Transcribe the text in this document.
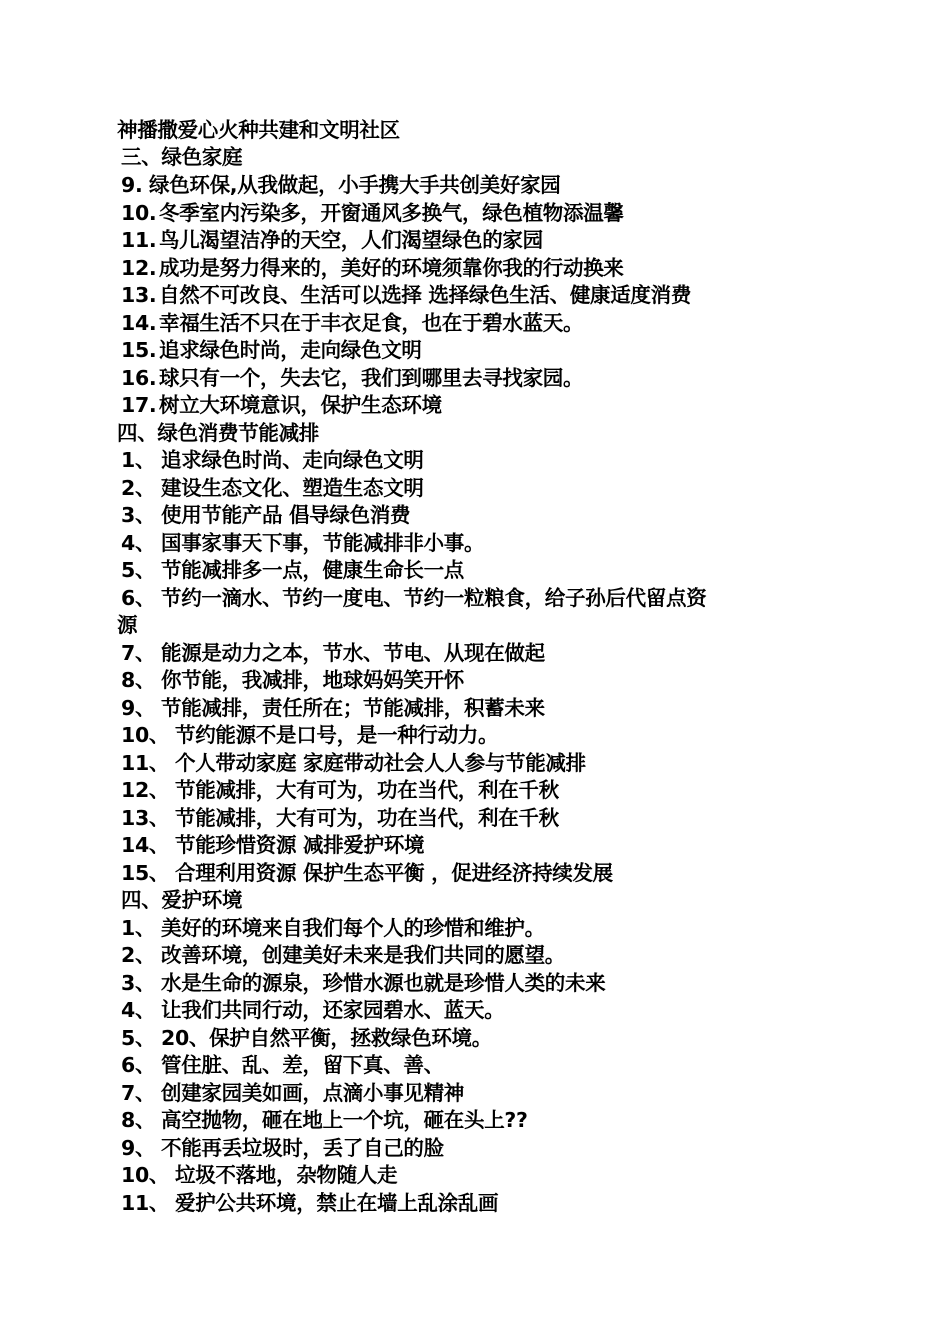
神播撒爱心火种共建和文明社区
三、绿色家庭
9. 绿色环保,从我做起，小手携大手共创美好家园
10. 冬季室内污染多，开窗通风多换气，绿色植物添温馨
11. 鸟儿渴望洁净的天空，人们渴望绿色的家园
12. 成功是努力得来的，美好的环境须靠你我的行动换来
13. 自然不可改良、生活可以选择 选择绿色生活、健康适度消费
14. 幸福生活不只在于丰衣足食，也在于碧水蓝天。
15. 追求绿色时尚，走向绿色文明
16. 球只有一个，失去它，我们到哪里去寻找家园。
17. 树立大环境意识，保护生态环境
四、绿色消费节能减排
1、 追求绿色时尚、走向绿色文明
2、 建设生态文化、塑造生态文明
3、 使用节能产品 倡导绿色消费
4、 国事家事天下事，节能减排非小事。
5、 节能减排多一点，健康生命长一点
6、 节约一滴水、节约一度电、节约一粒粮食，给子孙后代留点资
源
7、 能源是动力之本，节水、节电、从现在做起
8、 你节能，我减排，地球妈妈笑开怀
9、 节能减排，责任所在；节能减排，积蓄未来
10、 节约能源不是口号，是一种行动力。
11、 个人带动家庭 家庭带动社会人人参与节能减排
12、 节能减排，大有可为，功在当代，利在千秋
13、 节能减排，大有可为，功在当代，利在千秋
14、 节能珍惜资源 减排爱护环境
15、 合理利用资源 保护生态平衡 ，促进经济持续发展
四、爱护环境
1、 美好的环境来自我们每个人的珍惜和维护。
2、 改善环境，创建美好未来是我们共同的愿望。
3、 水是生命的源泉，珍惜水源也就是珍惜人类的未来
4、 让我们共同行动，还家园碧水、蓝天。
5、 20、保护自然平衡，拯救绿色环境。
6、 管住脏、乱、差，留下真、善、
7、 创建家园美如画，点滴小事见精神
8、 高空抛物，砸在地上一个坑，砸在头上??
9、 不能再丢垃圾时，丢了自己的脸
10、 垃圾不落地，杂物随人走
11、 爱护公共环境，禁止在墙上乱涂乱画
